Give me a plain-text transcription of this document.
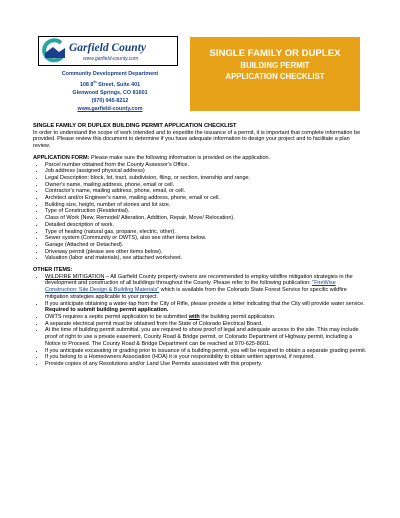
Garfield County
www.garfield-county.com
Community Development Department
108 8th Street, Suite 401
Glenwood Springs, CO 81601
(970) 945-8212
www.garfield-county.com
SINGLE FAMILY OR DUPLEX
BUILDING PERMIT
APPLICATION CHECKLIST

SINGLE FAMILY OR DUPLEX BUILDING PERMIT APPLICATION CHECKLIST

In order to understand the scope of work intended and to expedite the issuance of a permit, it is important that complete information be provided. Please review this document to determine if you have adequate information to design your project and to facilitate a plan review.

APPLICATION FORM: Please make sure the following information is provided on the application.

• Parcel number obtained from the County Assessor's Office.
• Job address (assigned physical address)
• Legal Description: block, lot, tract, subdivision, filing, or section, township and range.
• Owner's name, mailing address, phone, email or cell.
• Contractor's name, mailing address, phone, email, or cell.
• Architect and/or Engineer's name, mailing address, phone, email or cell.
• Building size, height, number of stories and lot size.
• Type of Construction (Residential).
• Class of Work (New, Remodel/ Alteration, Addition, Repair, Move/ Relocation).
• Detailed description of work.
• Type of heating (natural gas, propane, electric, other).
• Sewer system (Community or OWTS), also see other items below.
• Garage (Attached or Detached).
• Driveway permit (please see other items below).
• Valuation (labor and materials), see attached worksheet.

OTHER ITEMS:

• WILDFIRE MITIGATION – All Garfield County property owners are recommended to employ wildfire mitigation strategies in the development and construction of all buildings throughout the County. Please refer to the following publication: "FireWise Construction: Site Design & Building Materials" which is available from the Colorado State Forest Service for specific wildfire mitigation strategies applicable to your project.
• If you anticipate obtaining a water-tap from the City of Rifle, please provide a letter indicating that the City will provide water service. Required to submit building permit application.
• OWTS requires a septic permit application to be submitted with the building permit application.
• A separate electrical permit must be obtained from the State of Colorado Electrical Board.
• At the time of building permit submittal, you are required to show proof of legal and adequate access to the site. This may include proof of right to use a private easement, County Road & Bridge permit, or Colorado Department of Highway permit, including a Notice to Proceed. The County Road & Bridge Department can be reached at 970-625-8601.
• If you anticipate excavating or grading prior to issuance of a building permit, you will be required to obtain a separate grading permit.
• If you belong to a Homeowners Association (HOA) it is your responsibility to obtain written approval, if required.
• Provide copies of any Resolutions and/or Land Use Permits associated with this property.
